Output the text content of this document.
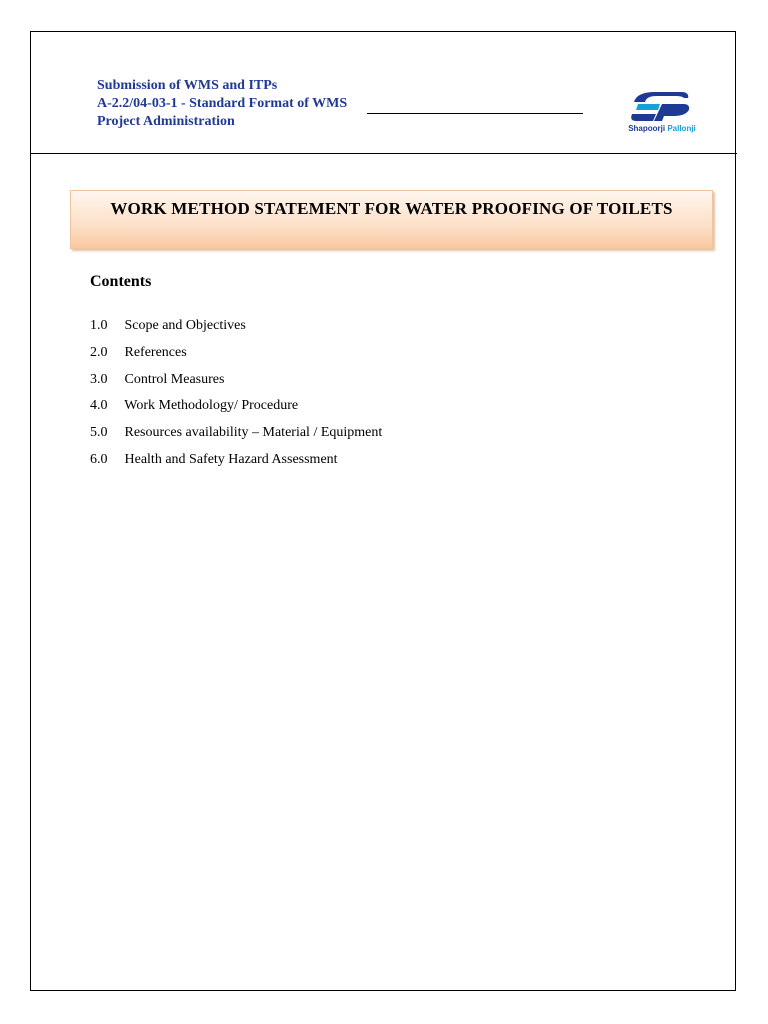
Submission of WMS and ITPs
A-2.2/04-03-1 - Standard Format of WMS
Project Administration	Shapoorji Pallonji
WORK METHOD STATEMENT FOR WATER PROOFING OF TOILETS
Contents
1.0 Scope and Objectives
2.0 References
3.0 Control Measures
4.0 Work Methodology/ Procedure
5.0 Resources availability – Material / Equipment
6.0 Health and Safety Hazard Assessment
